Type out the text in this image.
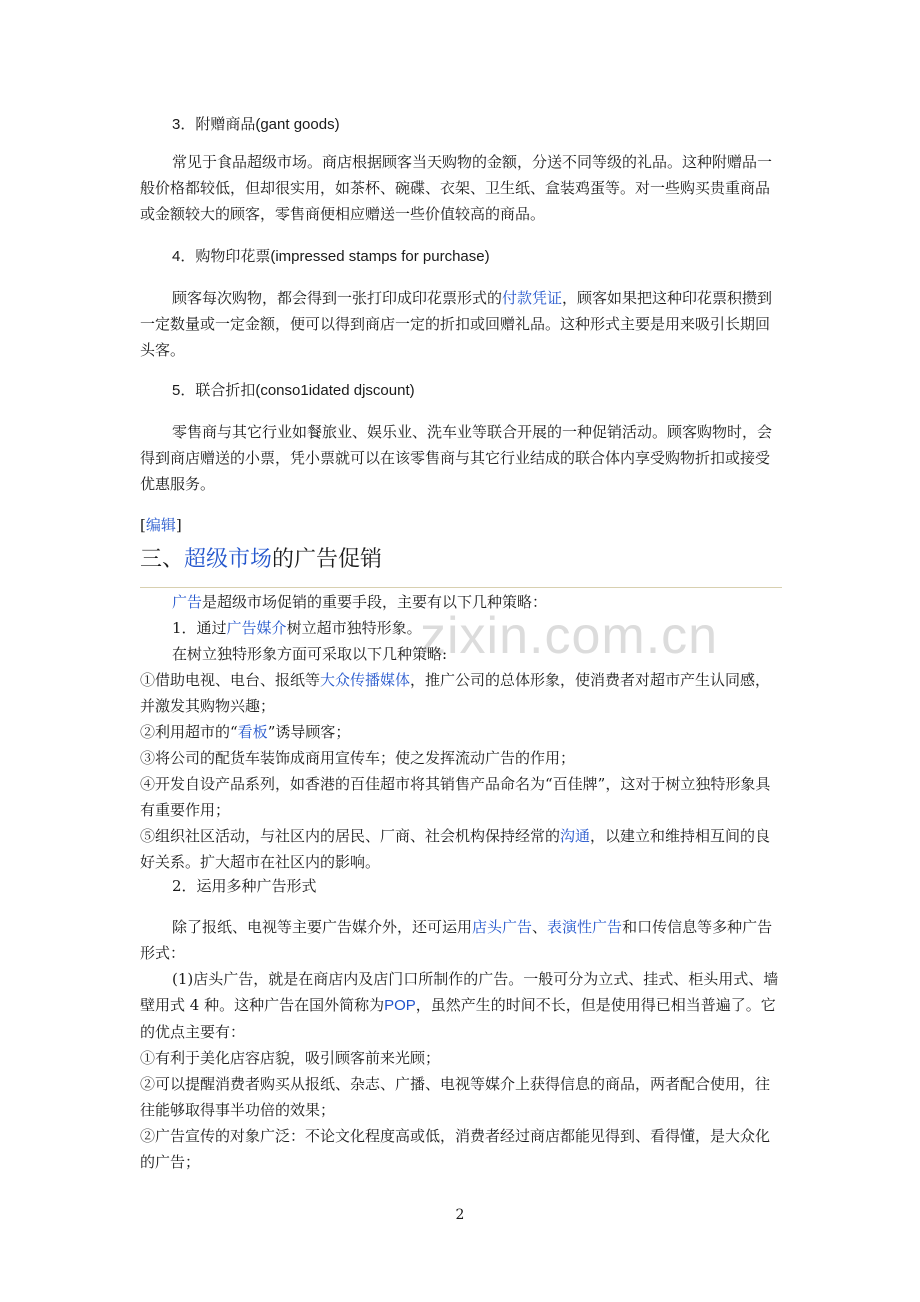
3．附赠商品(gant goods)

常见于食品超级市场。商店根据顾客当天购物的金额，分送不同等级的礼品。这种附赠品一般价格都较低，但却很实用，如茶杯、碗碟、衣架、卫生纸、盒装鸡蛋等。对一些购买贵重商品或金额较大的顾客，零售商便相应赠送一些价值较高的商品。

4．购物印花票(impressed stamps for purchase)

顾客每次购物，都会得到一张打印成印花票形式的付款凭证，顾客如果把这种印花票积攒到一定数量或一定金额，便可以得到商店一定的折扣或回赠礼品。这种形式主要是用来吸引长期回头客。

5．联合折扣(conso1idated djscount)

零售商与其它行业如餐旅业、娱乐业、洗车业等联合开展的一种促销活动。顾客购物时，会得到商店赠送的小票，凭小票就可以在该零售商与其它行业结成的联合体内享受购物折扣或接受优惠服务。

[编辑]

三、超级市场的广告促销
zixin.com.cn
广告是超级市场促销的重要手段，主要有以下几种策略：
1．通过广告媒介树立超市独特形象。
在树立独特形象方面可采取以下几种策略:
①借助电视、电台、报纸等大众传播媒体，推广公司的总体形象，使消费者对超市产生认同感，并激发其购物兴趣；
②利用超市的“看板”诱导顾客；
③将公司的配货车装饰成商用宣传车；使之发挥流动广告的作用；
④开发自设产品系列，如香港的百佳超市将其销售产品命名为“百佳牌”，这对于树立独特形象具有重要作用；
⑤组织社区活动，与社区内的居民、厂商、社会机构保持经常的沟通，以建立和维持相互间的良好关系。扩大超市在社区内的影响。

2．运用多种广告形式

除了报纸、电视等主要广告媒介外，还可运用店头广告、表演性广告和口传信息等多种广告形式：
(1)店头广告，就是在商店内及店门口所制作的广告。一般可分为立式、挂式、柜头用式、墙壁用式 4 种。这种广告在国外简称为POP，虽然产生的时间不长，但是使用得已相当普遍了。它的优点主要有：
①有利于美化店容店貌，吸引顾客前来光顾；
②可以提醒消费者购买从报纸、杂志、广播、电视等媒介上获得信息的商品，两者配合使用，往往能够取得事半功倍的效果；
②广告宣传的对象广泛：不论文化程度高或低，消费者经过商店都能见得到、看得懂，是大众化的广告；
2
